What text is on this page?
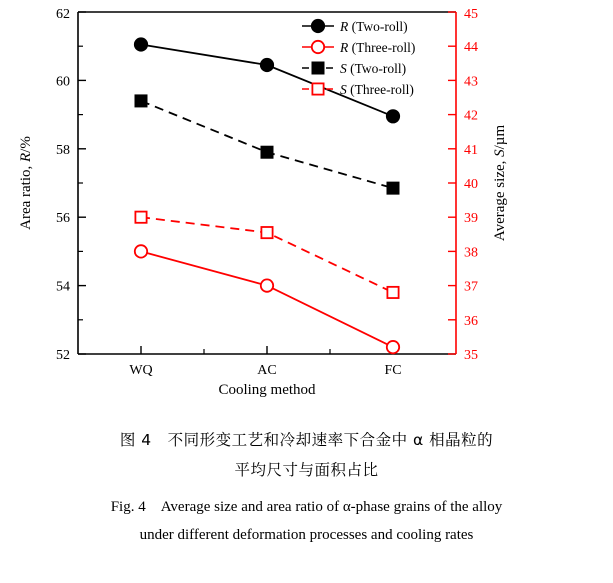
52
54
56
58
60
62
35
36
37
38
39
40
41
42
43
44
45
WQ	AC	FC
Cooling method
Area ratio, R/%
Average size, S/µm
R (Two-roll)
R (Three-roll)
S (Two-roll)
S (Three-roll)
图 4　不同形变工艺和冷却速率下合金中 α 相晶粒的
平均尺寸与面积占比
Fig. 4 Average size and area ratio of α-phase grains of the alloy
under different deformation processes and cooling rates
